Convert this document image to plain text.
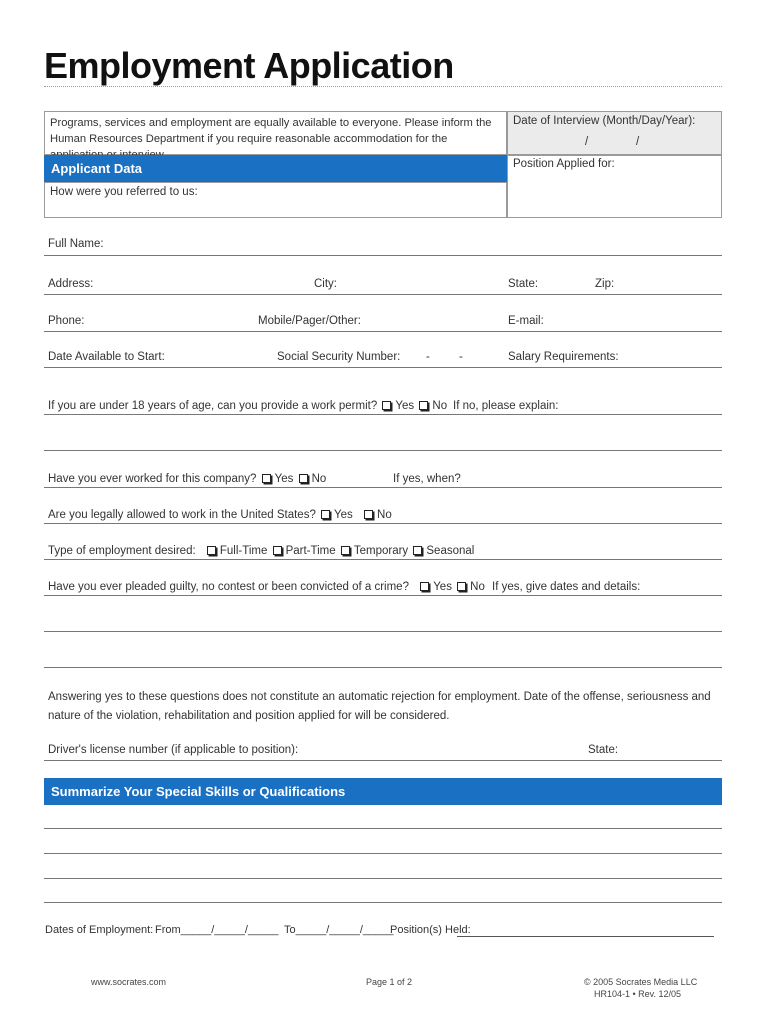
Employment Application
Programs, services and employment are equally available to everyone. Please inform the Human Resources Department if you require reasonable accommodation for the
Date of Interview (Month/Day/Year):
/	/
Position Applied for:
Applicant Data
How were you referred to us:
Full Name:
Address:	City:	State:	Zip:
Phone:	Mobile/Pager/Other:	E-mail:
Date Available to Start:	Social Security Number: -	-	Salary Requirements:
If you are under 18 years of age, can you provide a work permit? Yes No If no, please explain:
Have you ever worked for this company? Yes No	If yes, when?
Are you legally allowed to work in the United States? Yes No
Type of employment desired: Full-Time Part-Time Temporary Seasonal
Have you ever pleaded guilty, no contest or been convicted of a crime? Yes No If yes, give dates and details:
Answering yes to these questions does not constitute an automatic rejection for employment. Date of the offense, seriousness and nature of the violation, rehabilitation and position applied for will be considered.
Driver's license number (if applicable to position):	State:
Summarize Your Special Skills or Qualifications
Dates of Employment: From_____/_____/_____ To_____/_____/_____
Position(s) Held:
www.socrates.com	Page 1 of 2	© 2005 Socrates Media LLC
HR104-1 • Rev. 12/05
